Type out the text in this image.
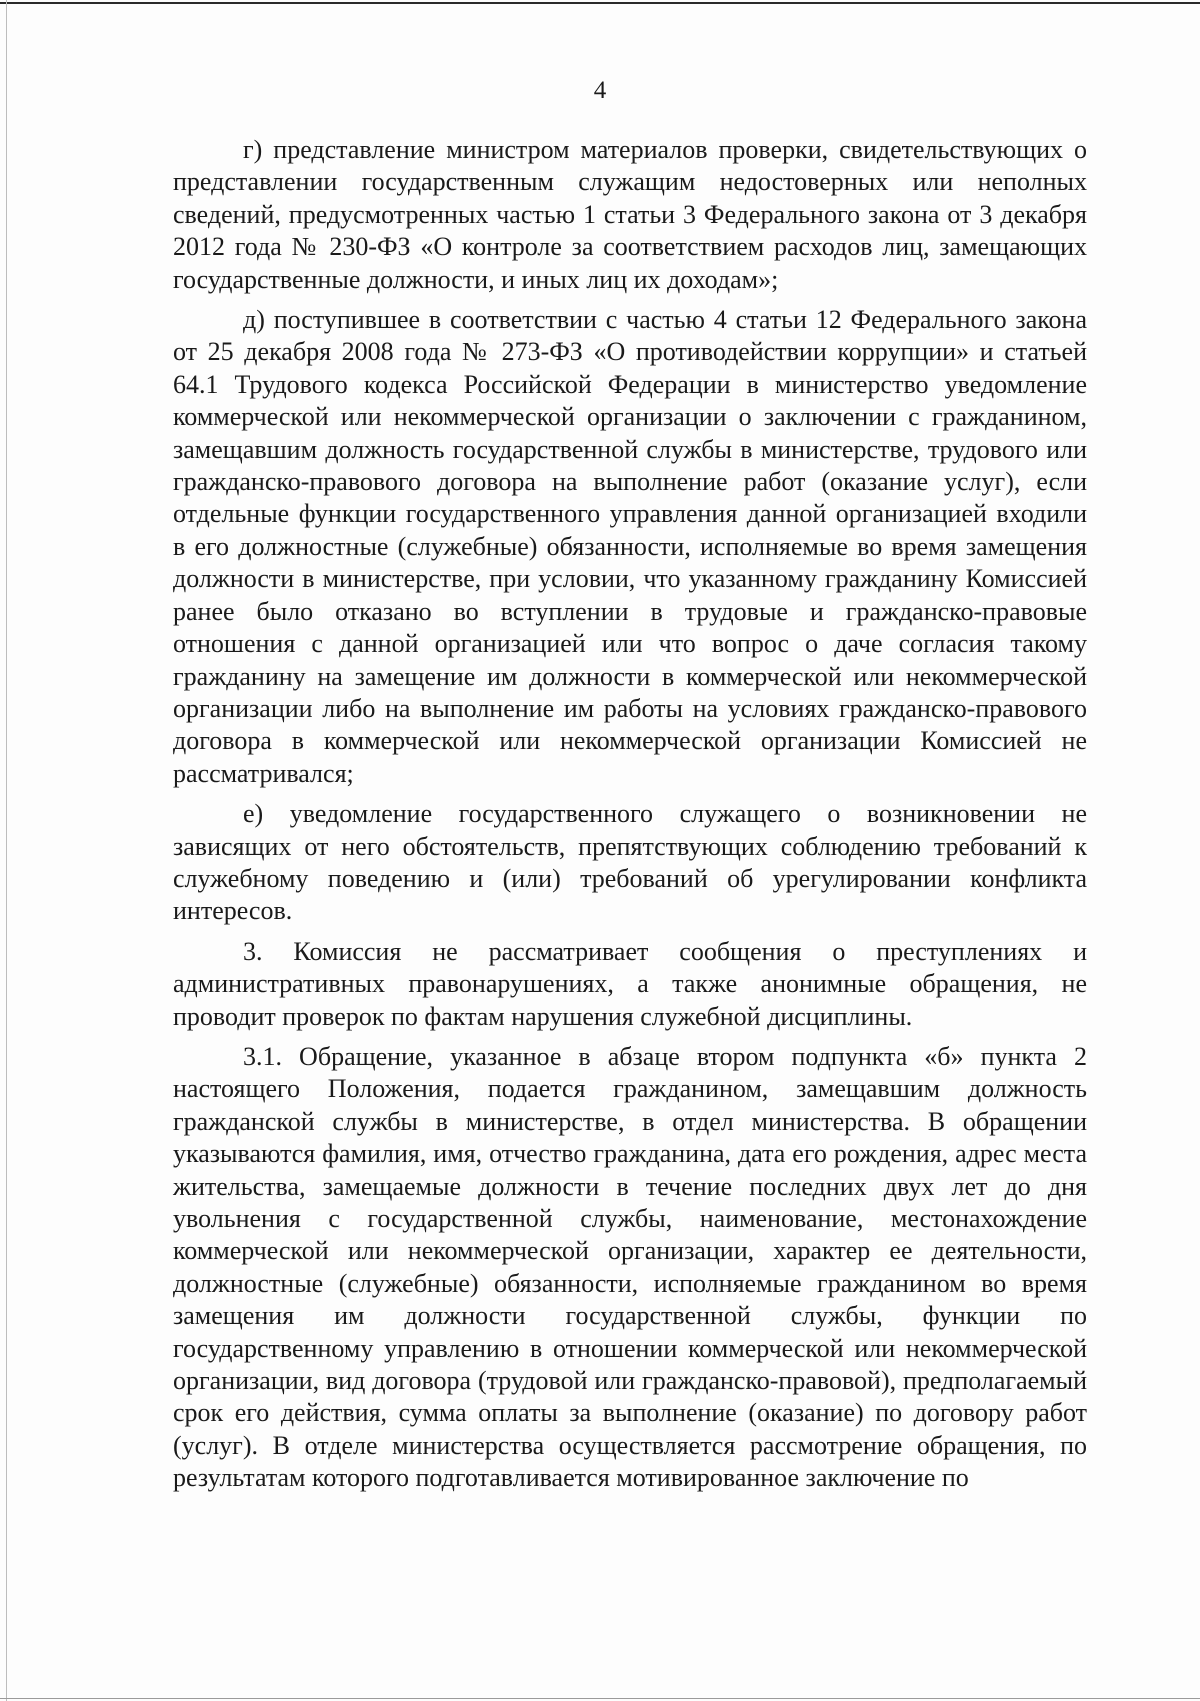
4

г) представление министром материалов проверки, свидетельствующих о представлении государственным служащим недостоверных или неполных сведений, предусмотренных частью 1 статьи 3 Федерального закона от 3 декабря 2012 года № 230-ФЗ «О контроле за соответствием расходов лиц, замещающих государственные должности, и иных лиц их доходам»;

д) поступившее в соответствии с частью 4 статьи 12 Федерального закона от 25 декабря 2008 года № 273-ФЗ «О противодействии коррупции» и статьей 64.1 Трудового кодекса Российской Федерации в министерство уведомление коммерческой или некоммерческой организации о заключении с гражданином, замещавшим должность государственной службы в министерстве, трудового или гражданско-правового договора на выполнение работ (оказание услуг), если отдельные функции государственного управления данной организацией входили в его должностные (служебные) обязанности, исполняемые во время замещения должности в министерстве, при условии, что указанному гражданину Комиссией ранее было отказано во вступлении в трудовые и гражданско-правовые отношения с данной организацией или что вопрос о даче согласия такому гражданину на замещение им должности в коммерческой или некоммерческой организации либо на выполнение им работы на условиях гражданско-правового договора в коммерческой или некоммерческой организации Комиссией не рассматривался;

е) уведомление государственного служащего о возникновении не зависящих от него обстоятельств, препятствующих соблюдению требований к служебному поведению и (или) требований об урегулировании конфликта интересов.

3. Комиссия не рассматривает сообщения о преступлениях и административных правонарушениях, а также анонимные обращения, не проводит проверок по фактам нарушения служебной дисциплины.

3.1. Обращение, указанное в абзаце втором подпункта «б» пункта 2 настоящего Положения, подается гражданином, замещавшим должность гражданской службы в министерстве, в отдел министерства. В обращении указываются фамилия, имя, отчество гражданина, дата его рождения, адрес места жительства, замещаемые должности в течение последних двух лет до дня увольнения с государственной службы, наименование, местонахождение коммерческой или некоммерческой организации, характер ее деятельности, должностные (служебные) обязанности, исполняемые гражданином во время замещения им должности государственной службы, функции по государственному управлению в отношении коммерческой или некоммерческой организации, вид договора (трудовой или гражданско-правовой), предполагаемый срок его действия, сумма оплаты за выполнение (оказание) по договору работ (услуг). В отделе министерства осуществляется рассмотрение обращения, по результатам которого подготавливается мотивированное заключение по
